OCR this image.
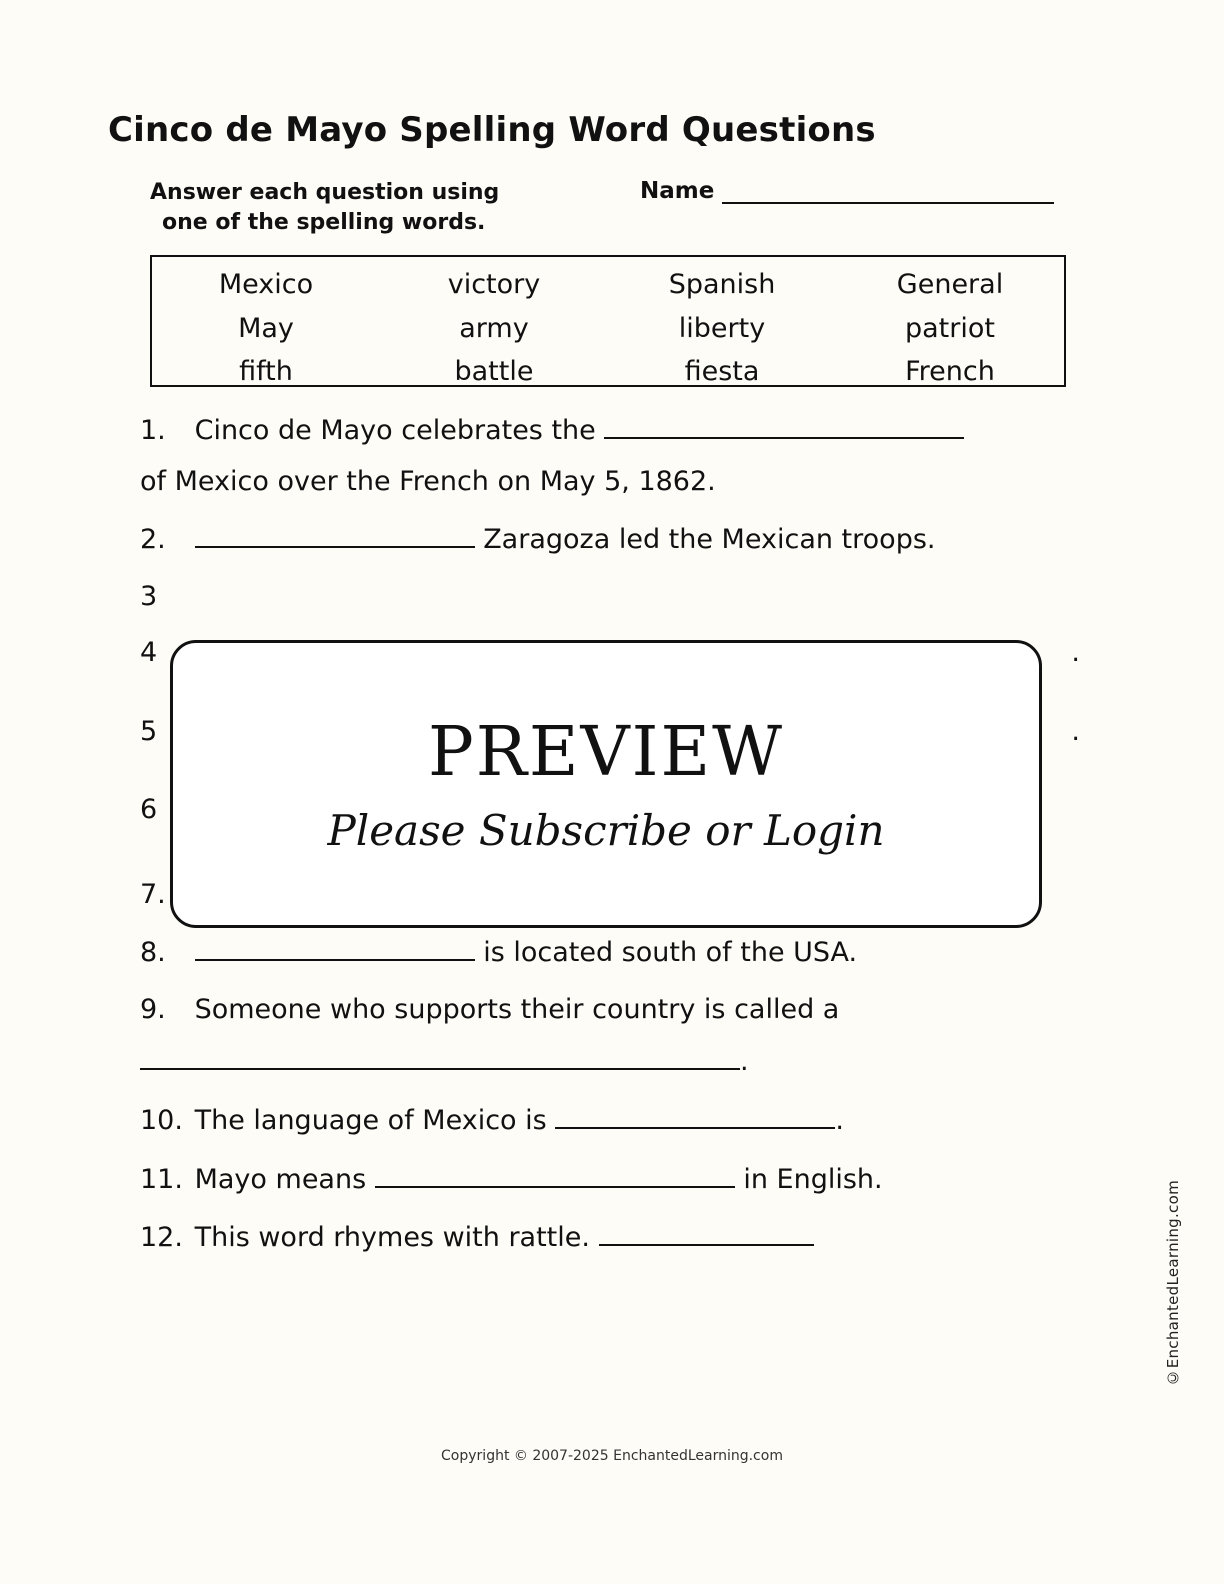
Cinco de Mayo Spelling Word Questions
Answer each question using
one of the spelling words.
Name
Mexico	victory	Spanish	General
May	army	liberty	patriot
fifth	battle	fiesta	French
1. Cinco de Mayo celebrates the
of Mexico over the French on May 5, 1862.
2.	Zaragoza led the Mexican troops.
3
4	.
5	.
6
7.
8.	is located south of the USA.
9. Someone who supports their country is called a
.
10. The language of Mexico is	.
11. Mayo means	in English.
12. This word rhymes with rattle.
PREVIEW
Please Subscribe or Login
©EnchantedLearning.com
Copyright © 2007-2025 EnchantedLearning.com
